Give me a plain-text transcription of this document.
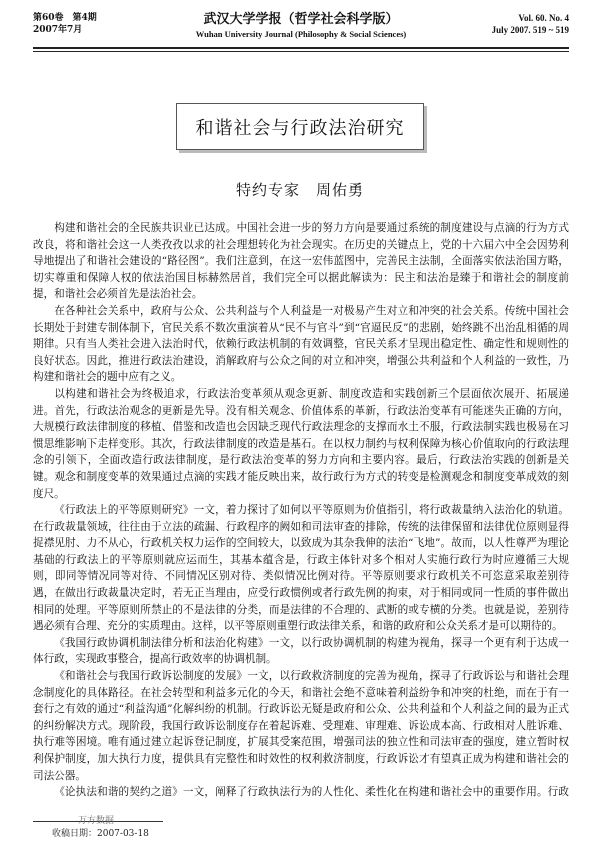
第60卷　第4期
2007年7月
武汉大学学报（哲学社会科学版）
Wuhan University Journal (Philosophy & Social Sciences)
Vol. 60. No. 4
July 2007. 519 ~ 519
和谐社会与行政法治研究
特约专家　周佑勇

构建和谐社会的全民族共识业已达成。中国社会进一步的努力方向是要通过系统的制度建设与点滴的行为方式改良，将和谐社会这一人类孜孜以求的社会理想转化为社会现实。在历史的关键点上，党的十六届六中全会因势利导地提出了和谐社会建设的“路径图”。我们注意到，在这一宏伟蓝图中，完善民主法制，全面落实依法治国方略，切实尊重和保障人权的依法治国目标赫然居首，我们完全可以据此解读为：民主和法治是臻于和谐社会的制度前提，和谐社会必须首先是法治社会。

在各种社会关系中，政府与公众、公共利益与个人利益是一对极易产生对立和冲突的社会关系。传统中国社会长期处于封建专制体制下，官民关系不数次重演着从“民不与官斗”到“官逼民反”的悲剧，始终跳不出治乱相循的周期律。只有当人类社会进入法治时代，依赖行政法机制的有效调整，官民关系才呈现出稳定性、确定性和规则性的良好状态。因此，推进行政法治建设，消解政府与公众之间的对立和冲突，增强公共利益和个人利益的一致性，乃构建和谐社会的题中应有之义。

以构建和谐社会为终极追求，行政法治变革须从观念更新、制度改造和实践创新三个层面依次展开、拓展递进。首先，行政法治观念的更新是先导。没有相关观念、价值体系的革新，行政法治变革有可能迷失正确的方向，大规模行政法律制度的移植、借鉴和改造也会因缺乏现代行政法理念的支撑而水土不服，行政法制实践也极易在习惯思维影响下走样变形。其次，行政法律制度的改造是基石。在以权力制约与权利保障为核心价值取向的行政法理念的引领下，全面改造行政法律制度，是行政法治变革的努力方向和主要内容。最后，行政法治实践的创新是关键。观念和制度变革的效果通过点滴的实践才能反映出来，故行政行为方式的转变是检测观念和制度变革成效的刻度尺。

《行政法上的平等原则研究》一文，着力探讨了如何以平等原则为价值指引，将行政裁量纳入法治化的轨道。在行政裁量领域，往往由于立法的疏漏、行政程序的阙如和司法审查的排除，传统的法律保留和法律优位原则显得捉襟见肘、力不从心，行政机关权力运作的空间较大，以致成为其杂我伸的法治“飞地”。故而，以人性尊严为理论基础的行政法上的平等原则就应运而生，其基本蕴含是，行政主体针对多个相对人实施行政行为时应遵循三大规则，即同等情况同等对待、不同情况区别对待、类似情况比例对待。平等原则要求行政机关不可恣意采取差别待遇，在做出行政裁量决定时，若无正当理由，应受行政惯例或者行政先例的拘束，对于相同或同一性质的事件做出相同的处理。平等原则所禁止的不是法律的分类，而是法律的不合理的、武断的或专横的分类。也就是说，差别待遇必须有合理、充分的实质理由。这样，以平等原则重塑行政法律关系，和谐的政府和公众关系才是可以期待的。

《我国行政协调机制法律分析和法治化构建》一文，以行政协调机制的构建为视角，探寻一个更有利于达成一体行政，实现政事整合，提高行政效率的协调机制。

《和谐社会与我国行政诉讼制度的发展》一文，以行政救济制度的完善为视角，探寻了行政诉讼与和谐社会理念制度化的具体路径。在社会转型和利益多元化的今天，和谐社会绝不意味着利益纷争和冲突的杜绝，而在于有一套行之有效的通过“利益沟通”化解纠纷的机制。行政诉讼无疑是政府和公众、公共利益和个人利益之间的最为正式的纠纷解决方式。现阶段，我国行政诉讼制度存在着起诉难、受理难、审理难、诉讼成本高、行政相对人胜诉难、执行难等困境。唯有通过建立起诉登记制度，扩展其受案范围，增强司法的独立性和司法审查的强度，建立暂时权利保护制度，加大执行力度，提供具有完整性和时效性的权利救济制度，行政诉讼才有望真正成为构建和谐社会的司法公器。

《论执法和谐的契约之道》一文，阐释了行政执法行为的人性化、柔性化在构建和谐社会中的重要作用。行政

万方数据
收稿日期：2007-03-18
